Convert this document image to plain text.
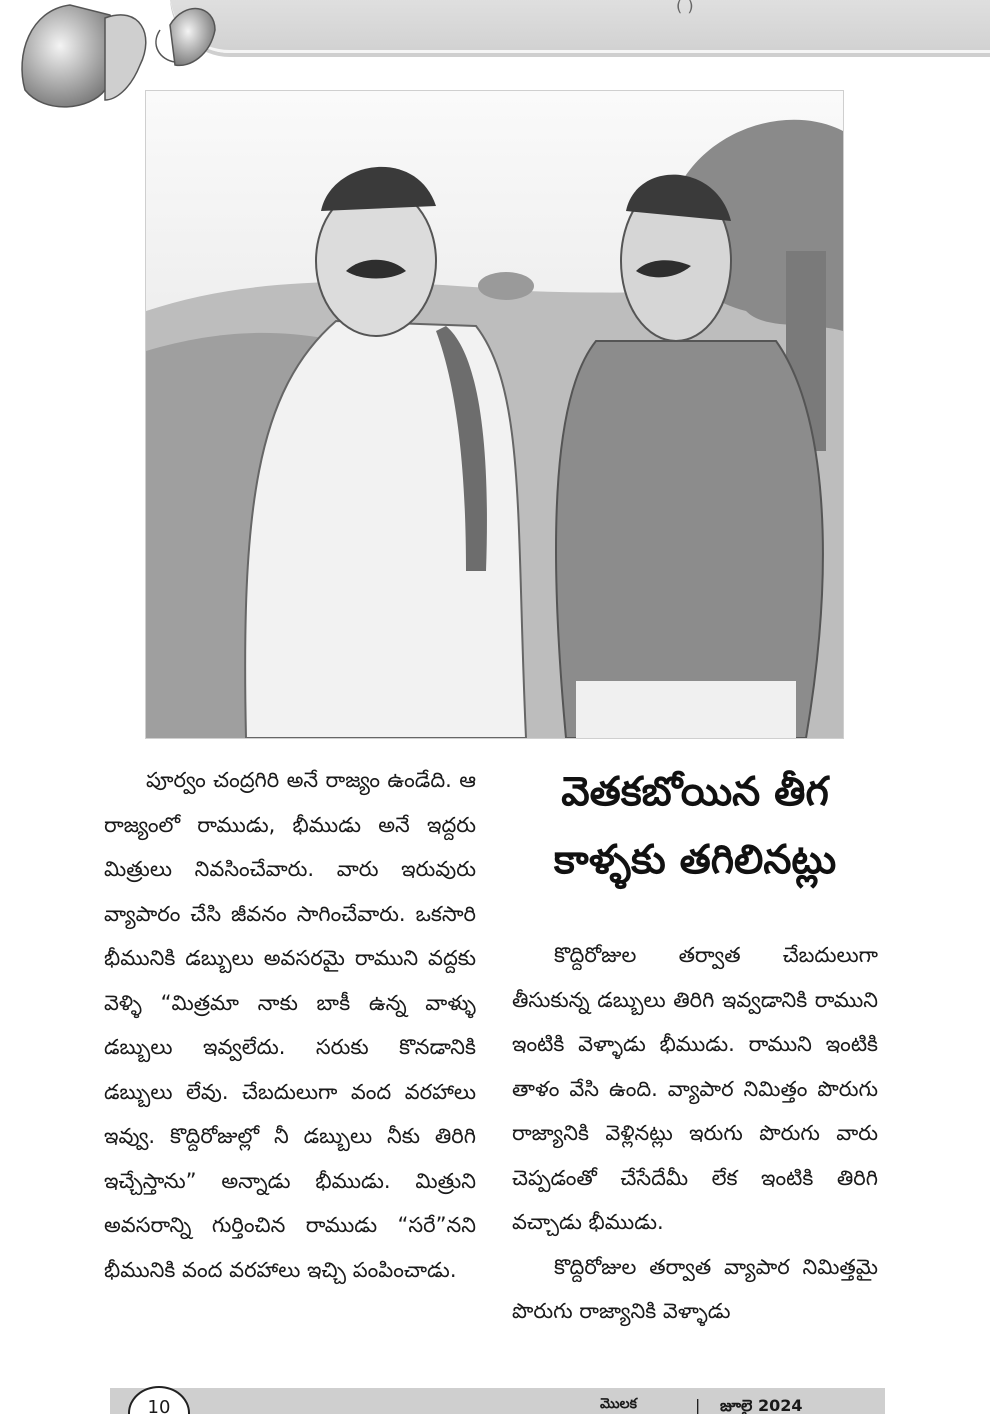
( )

పూర్వం చంద్రగిరి అనే రాజ్యం ఉండేది. ఆ రాజ్యంలో రాముడు, భీముడు అనే ఇద్దరు మిత్రులు నివసించేవారు. వారు ఇరువురు వ్యాపారం చేసి జీవనం సాగించేవారు. ఒకసారి భీమునికి డబ్బులు అవసరమై రాముని వద్దకు వెళ్ళి “మిత్రమా నాకు బాకీ ఉన్న వాళ్ళు డబ్బులు ఇవ్వలేదు. సరుకు కొనడానికి డబ్బులు లేవు. చేబదులుగా వంద వరహాలు ఇవ్వు. కొద్దిరోజుల్లో నీ డబ్బులు నీకు తిరిగి ఇచ్చేస్తాను” అన్నాడు భీముడు. మిత్రుని అవసరాన్ని గుర్తించిన రాముడు “సరే”నని భీమునికి వంద వరహాలు ఇచ్చి పంపించాడు.

వెతకబోయిన తీగ
కాళ్ళకు తగిలినట్లు

కొద్దిరోజుల తర్వాత చేబదులుగా తీసుకున్న డబ్బులు తిరిగి ఇవ్వడానికి రాముని ఇంటికి వెళ్ళాడు భీముడు. రాముని ఇంటికి తాళం వేసి ఉంది. వ్యాపార నిమిత్తం పొరుగు రాజ్యానికి వెళ్లినట్లు ఇరుగు పొరుగు వారు చెప్పడంతో చేసేదేమీ లేక ఇంటికి తిరిగి వచ్చాడు భీముడు.

కొద్దిరోజుల తర్వాత వ్యాపార నిమిత్తమై పొరుగు రాజ్యానికి వెళ్ళాడు

10	మొలక	| జూలై 2024
